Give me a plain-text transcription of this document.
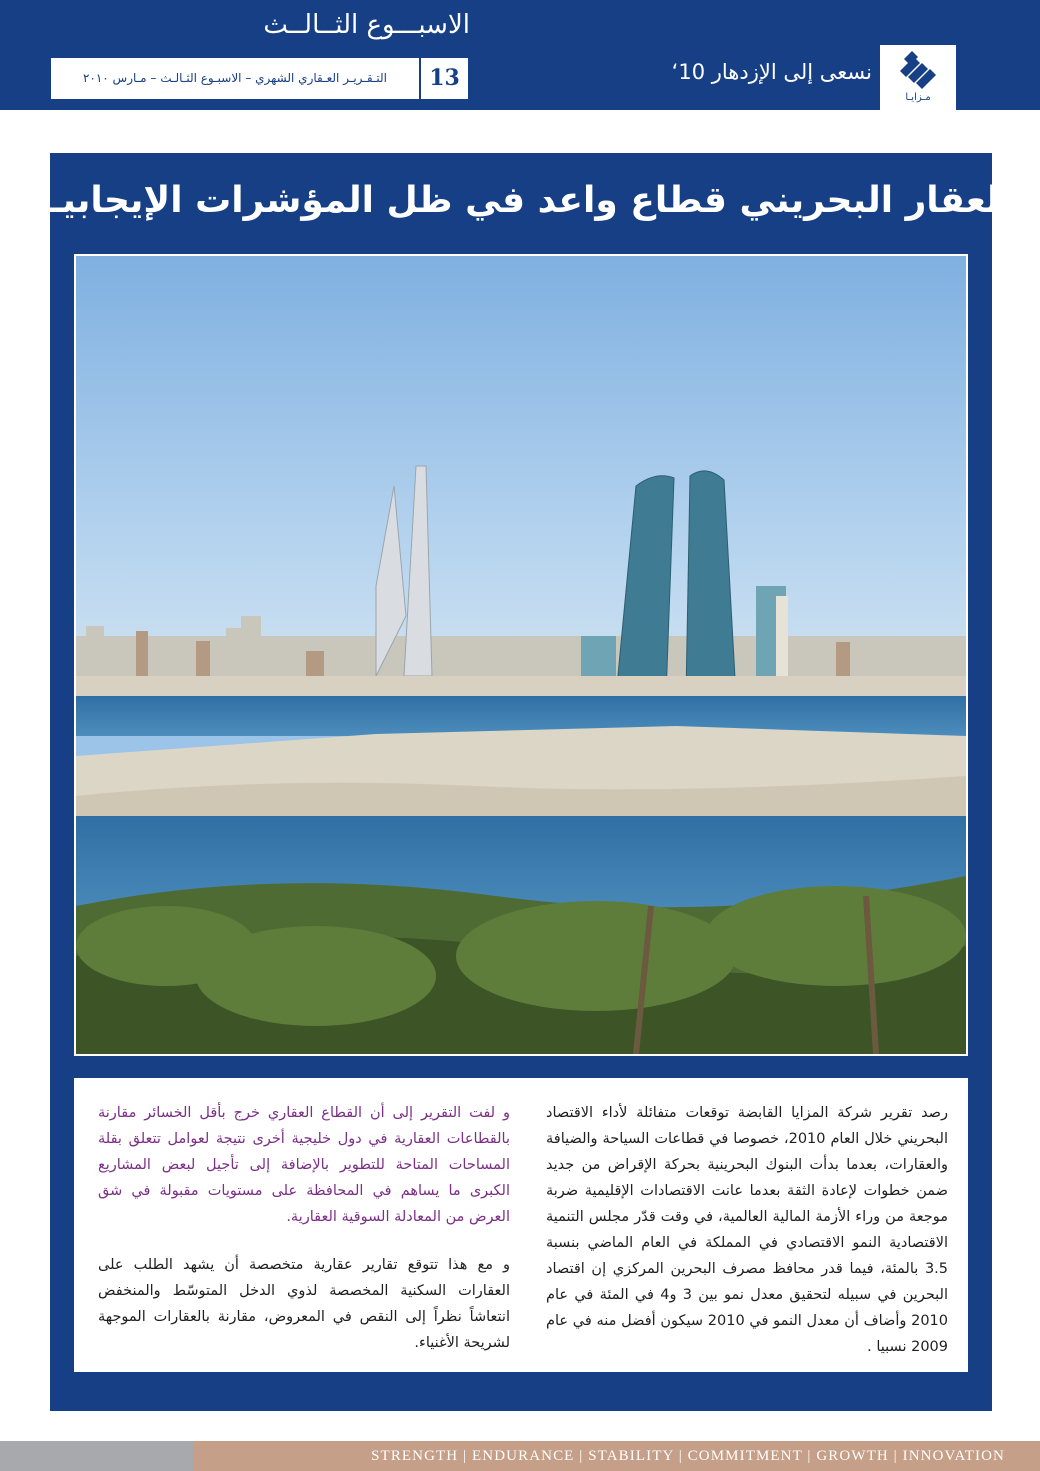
الاسبـــوع الثــالــث
التـقـريـر العـقاري الشهري – الاسبـوع الثـالـث – مـارس ٢٠١٠	13	نسعى إلى الإزدهار 10‘
مـزايـا
العقار البحريني قطاع واعد في ظل المؤشرات الإيجابيـة
رصد تقرير شركة المزايا القابضة توقعات متفائلة لأداء الاقتصاد البحريني خلال العام 2010، خصوصا في قطاعات السياحة والضيافة والعقارات، بعدما بدأت البنوك البحرينية بحركة الإقراض من جديد ضمن خطوات لإعادة الثقة بعدما عانت الاقتصادات الإقليمية ضربة موجعة من وراء الأزمة المالية العالمية، في وقت قدّر مجلس التنمية الاقتصادية النمو الاقتصادي في المملكة في العام الماضي بنسبة 3.5 بالمئة، فيما قدر محافظ مصرف البحرين المركزي إن اقتصاد البحرين في سبيله لتحقيق معدل نمو بين 3 و4 في المئة في عام 2010 وأضاف أن معدل النمو في 2010 سيكون أفضل منه في عام 2009 نسبيا .

و لفت التقرير إلى أن القطاع العقاري خرج بأقل الخسائر مقارنة بالقطاعات العقارية في دول خليجية أخرى نتيجة لعوامل تتعلق بقلة المساحات المتاحة للتطوير بالإضافة إلى تأجيل لبعض المشاريع الكبرى ما يساهم في المحافظة على مستويات مقبولة في شق العرض من المعادلة السوقية العقارية.

و مع هذا تتوقع تقارير عقارية متخصصة أن يشهد الطلب على العقارات السكنية المخصصة لذوي الدخل المتوسّط والمنخفض انتعاشاً نظراً إلى النقص في المعروض، مقارنة بالعقارات الموجهة لشريحة الأغنياء.

STRENGTH | ENDURANCE | STABILITY | COMMITMENT | GROWTH | INNOVATION
